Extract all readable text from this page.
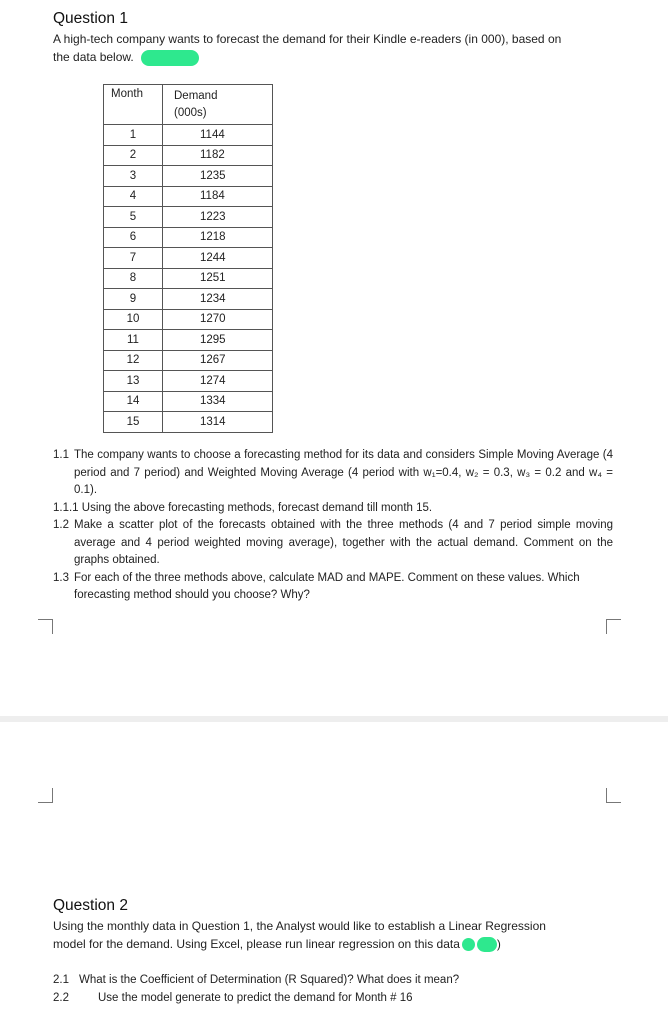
Question 1
A high-tech company wants to forecast the demand for their Kindle e-readers (in 000), based on
the data below.
Month	Demand
(000s)

1	1144
2	1182
3	1235
4	1184
5	1223
6	1218
7	1244
8	1251
9	1234
10	1270
11	1295
12	1267
13	1274
14	1334
15	1314
1.1 The company wants to choose a forecasting method for its data and considers Simple Moving Average (4 period and 7 period) and Weighted Moving Average (4 period with w₁=0.4, w₂ = 0.3, w₃ = 0.2 and w₄ = 0.1).
1.1.1 Using the above forecasting methods, forecast demand till month 15.
1.2 Make a scatter plot of the forecasts obtained with the three methods (4 and 7 period simple moving average and 4 period weighted moving average), together with the actual demand. Comment on the graphs obtained.
1.3 For each of the three methods above, calculate MAD and MAPE. Comment on these values. Which forecasting method should you choose? Why?
Question 2
Using the monthly data in Question 1, the Analyst would like to establish a Linear Regression
model for the demand. Using Excel, please run linear regression on this data	)
2.1 What is the Coefficient of Determination (R Squared)? What does it mean?
2.2	Use the model generate to predict the demand for Month # 16
